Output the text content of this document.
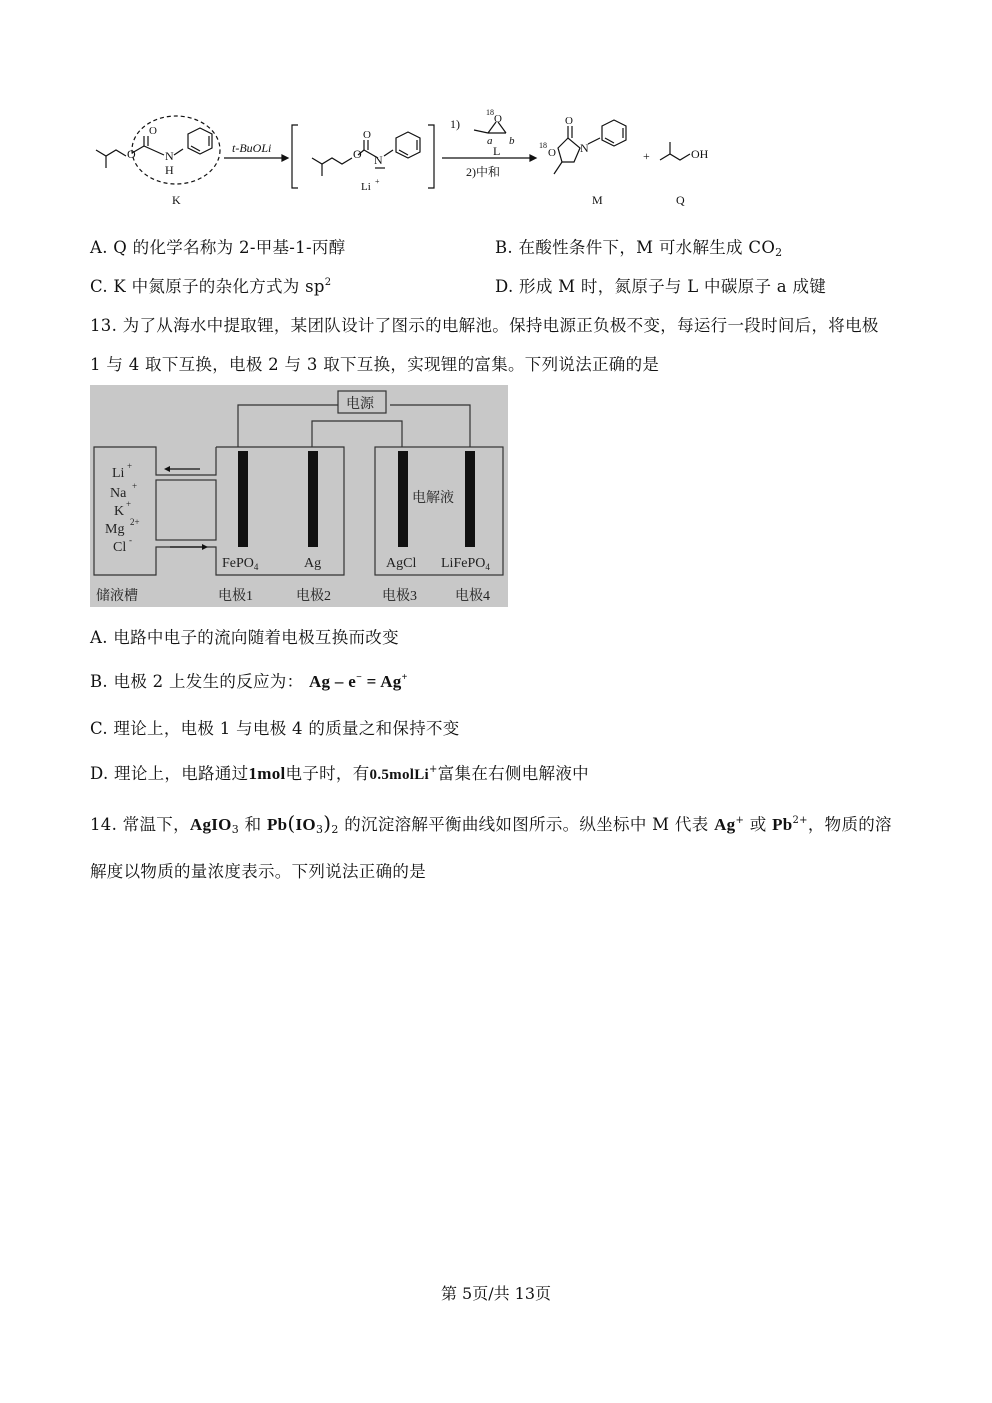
O
O
N
H
K
t-BuOLi	O
O
N
Li +
1)
18
O
a b
L
2)中和
18
O
O
N
M
+	OH
Q
A. Q 的化学名称为 2-甲基-1-丙醇	B. 在酸性条件下，M 可水解生成 $CO_2$
C. K 中氮原子的杂化方式为 $sp^2$	D. 形成 M 时，氮原子与 L 中碳原子 a 成键
13. 为了从海水中提取锂，某团队设计了图示的电解池。保持电源正负极不变，每运行一段时间后，将电极
1 与 4 取下互换，电极 2 与 3 取下互换，实现锂的富集。下列说法正确的是
电源
电解液
Li +
Na +
K +
Mg 2+
Cl -
FePO$_4$	Ag	AgCl LiFePO$_4$
储液槽	电极1	电极2	电极3	电极4
A. 电路中电子的流向随着电极互换而改变
B. 电极 2 上发生的反应为： Ag – e− = Ag+
C. 理论上，电极 1 与电极 4 的质量之和保持不变
D. 理论上，电路通过1mol电子时，有0.5molLi+富集在右侧电解液中
14. 常温下，AgIO$_3$ 和 $Pb(IO_3)_2$ 的沉淀溶解平衡曲线如图所示。纵坐标中 M 代表 Ag+ 或 $Pb^{2+}$，物质的溶
解度以物质的量浓度表示。下列说法正确的是
第 5页/共 13页
